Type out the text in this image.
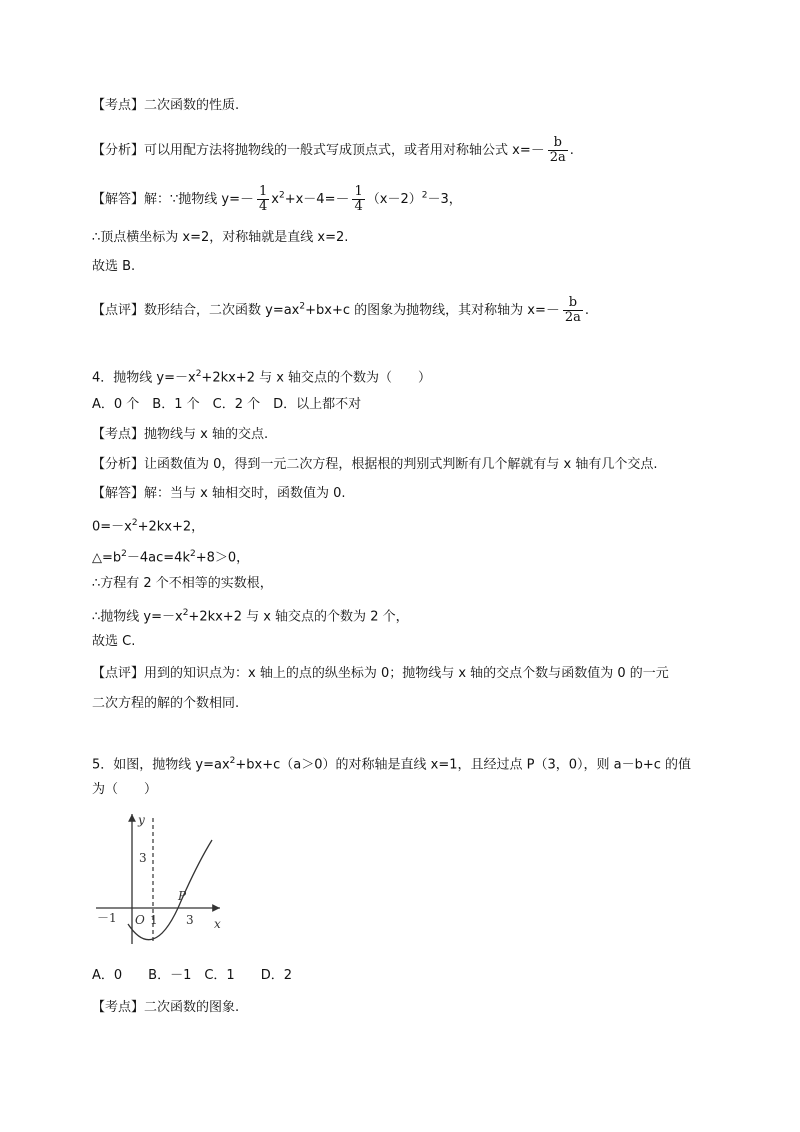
【考点】二次函数的性质.
【分析】可以用配方法将抛物线的一般式写成顶点式，或者用对称轴公式 $x=- \frac{b}{2a}$ .
【解答】解：∵抛物线 $y=- \frac{1}{4} x^2+x-4=- \frac{1}{4} (x-2)^2-3$，
∴顶点横坐标为 x=2，对称轴就是直线 x=2.
故选 B.
【点评】数形结合，二次函数 $y=ax^2+bx+c$ 的图象为抛物线，其对称轴为 $x=- \frac{b}{2a}$ .
4．抛物线 $y=-x^2+2kx+2$ 与 x 轴交点的个数为（　　）
A．0 个　B．1 个　C．2 个　D．以上都不对
【考点】抛物线与 x 轴的交点.
【分析】让函数值为 0，得到一元二次方程，根据根的判别式判断有几个解就有与 x 轴有几个交点.
【解答】解：当与 x 轴相交时，函数值为 0.
$0=-x^2+2kx+2$，
$\triangle=b^2-4ac=4k^2+8>0$，
∴方程有 2 个不相等的实数根，
∴抛物线 $y=-x^2+2kx+2$ 与 x 轴交点的个数为 2 个，
故选 C.
【点评】用到的知识点为：x 轴上的点的纵坐标为 0；抛物线与 x 轴的交点个数与函数值为 0 的一元
二次方程的解的个数相同.
5．如图，抛物线 $y=ax^2+bx+c(a>0)$的对称轴是直线 x=1，且经过点 P（3，0），则 a－b+c 的值
为（　　）
y
x
3
－1 O 1 3
P
A．0　　B．－1　C．1　　D．2
【考点】二次函数的图象.
